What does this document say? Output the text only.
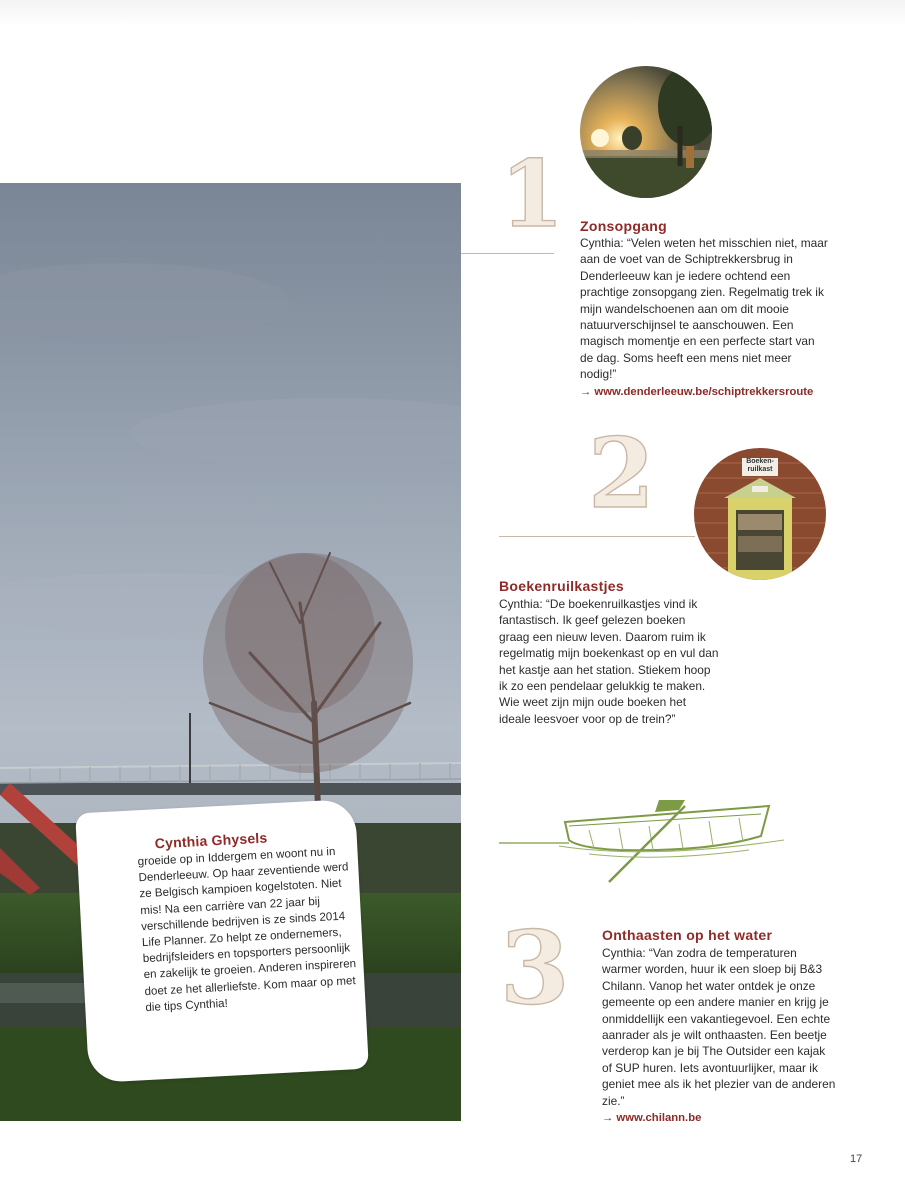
Cynthia Ghysels
groeide op in Iddergem en woont nu in Denderleeuw. Op haar zeventiende werd ze Belgisch kampioen kogelstoten. Niet mis! Na een carrière van 22 jaar bij verschillende bedrijven is ze sinds 2014 Life Planner. Zo helpt ze ondernemers, bedrijfsleiders en topsporters persoonlijk en zakelijk te groeien. Anderen inspireren doet ze het allerliefste. Kom maar op met die tips Cynthia!
1 Zonsopgang
Cynthia: “Velen weten het misschien niet, maar aan de voet van de Schiptrekkersbrug in Denderleeuw kan je iedere ochtend een prachtige zonsopgang zien. Regelmatig trek ik mijn wandelschoenen aan om dit mooie natuurverschijnsel te aanschouwen. Een magisch momentje en een perfecte start van de dag. Soms heeft een mens niet meer nodig!”
→ www.denderleeuw.be/schiptrekkersroute
2	Boeken-ruilkast
Boekenruilkastjes
Cynthia: “De boekenruilkastjes vind ik fantastisch. Ik geef gelezen boeken graag een nieuw leven. Daarom ruim ik regelmatig mijn boekenkast op en vul dan het kastje aan het station. Stiekem hoop ik zo een pendelaar gelukkig te maken. Wie weet zijn mijn oude boeken het ideale leesvoer voor op de trein?”
3 Onthaasten op het water
Cynthia: “Van zodra de temperaturen warmer worden, huur ik een sloep bij B&3 Chilann. Vanop het water ontdek je onze gemeente op een andere manier en krijg je onmiddellijk een vakantiegevoel. Een echte aanrader als je wilt onthaasten. Een beetje verderop kan je bij The Outsider een kajak of SUP huren. Iets avontuurlijker, maar ik geniet mee als ik het plezier van de anderen zie.”
→ www.chilann.be
17
